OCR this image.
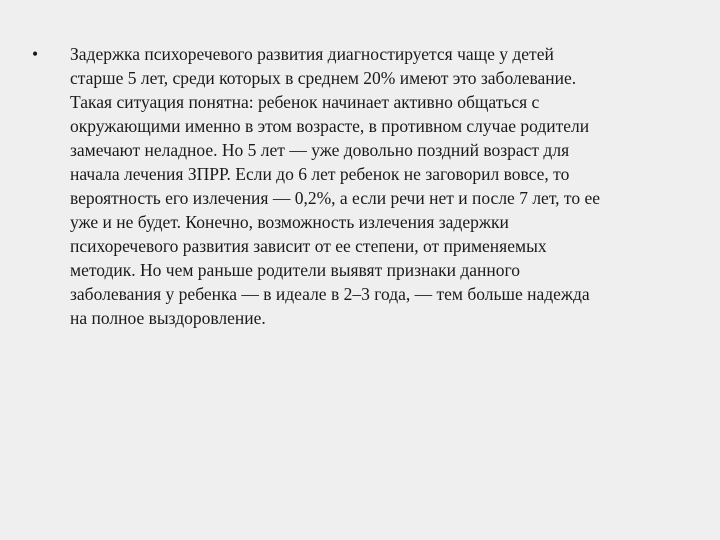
•	Задержка психоречевого развития диагностируется чаще у детей
старше 5 лет, среди которых в среднем 20% имеют это заболевание.
Такая ситуация понятна: ребенок начинает активно общаться с
окружающими именно в этом возрасте, в противном случае родители
замечают неладное. Но 5 лет — уже довольно поздний возраст для
начала лечения ЗПРР. Если до 6 лет ребенок не заговорил вовсе, то
вероятность его излечения — 0,2%, а если речи нет и после 7 лет, то ее
уже и не будет. Конечно, возможность излечения задержки
психоречевого развития зависит от ее степени, от применяемых
методик. Но чем раньше родители выявят признаки данного
заболевания у ребенка — в идеале в 2–3 года, — тем больше надежда
на полное выздоровление.
